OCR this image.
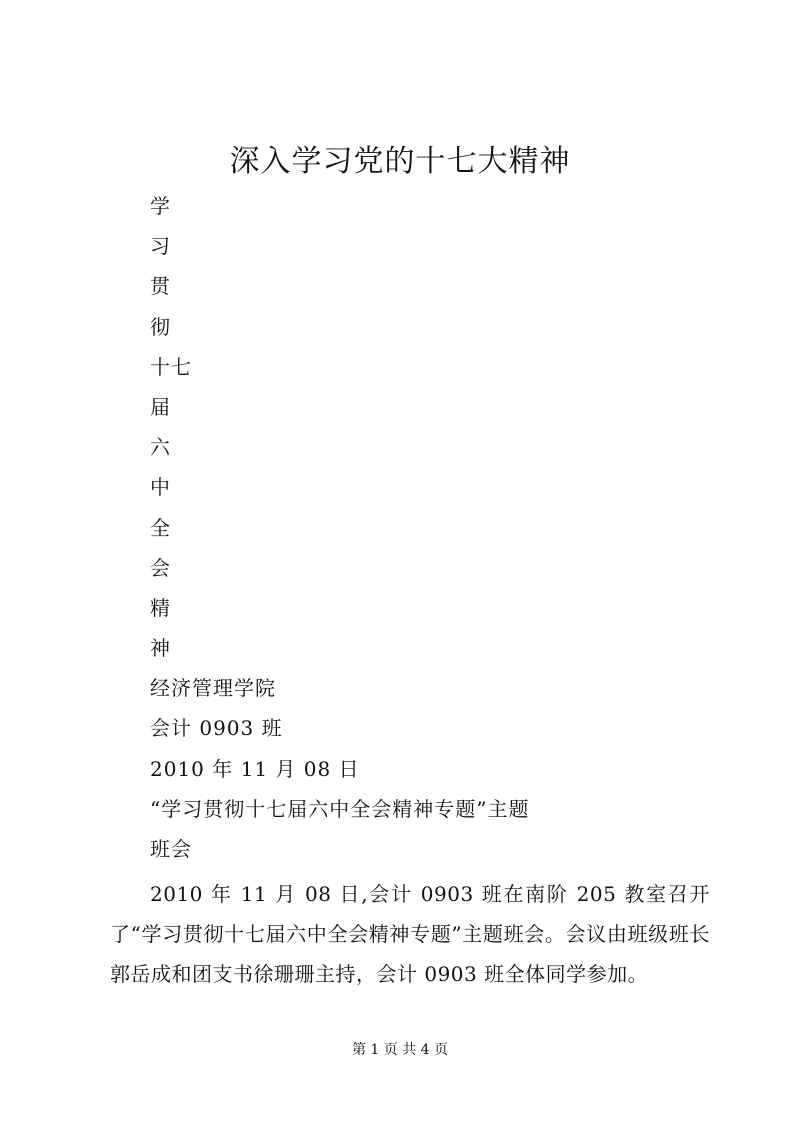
深入学习党的十七大精神
学
习
贯
彻
十七
届
六
中
全
会
精
神
经济管理学院
会计 0903 班
2010 年 11 月 08 日
“学习贯彻十七届六中全会精神专题”主题
班会

2010 年 11 月 08 日,会计 0903 班在南阶 205 教室召开了“学习贯彻十七届六中全会精神专题”主题班会。会议由班级班长郭岳成和团支书徐珊珊主持，会计 0903 班全体同学参加。

第 1 页 共 4 页
